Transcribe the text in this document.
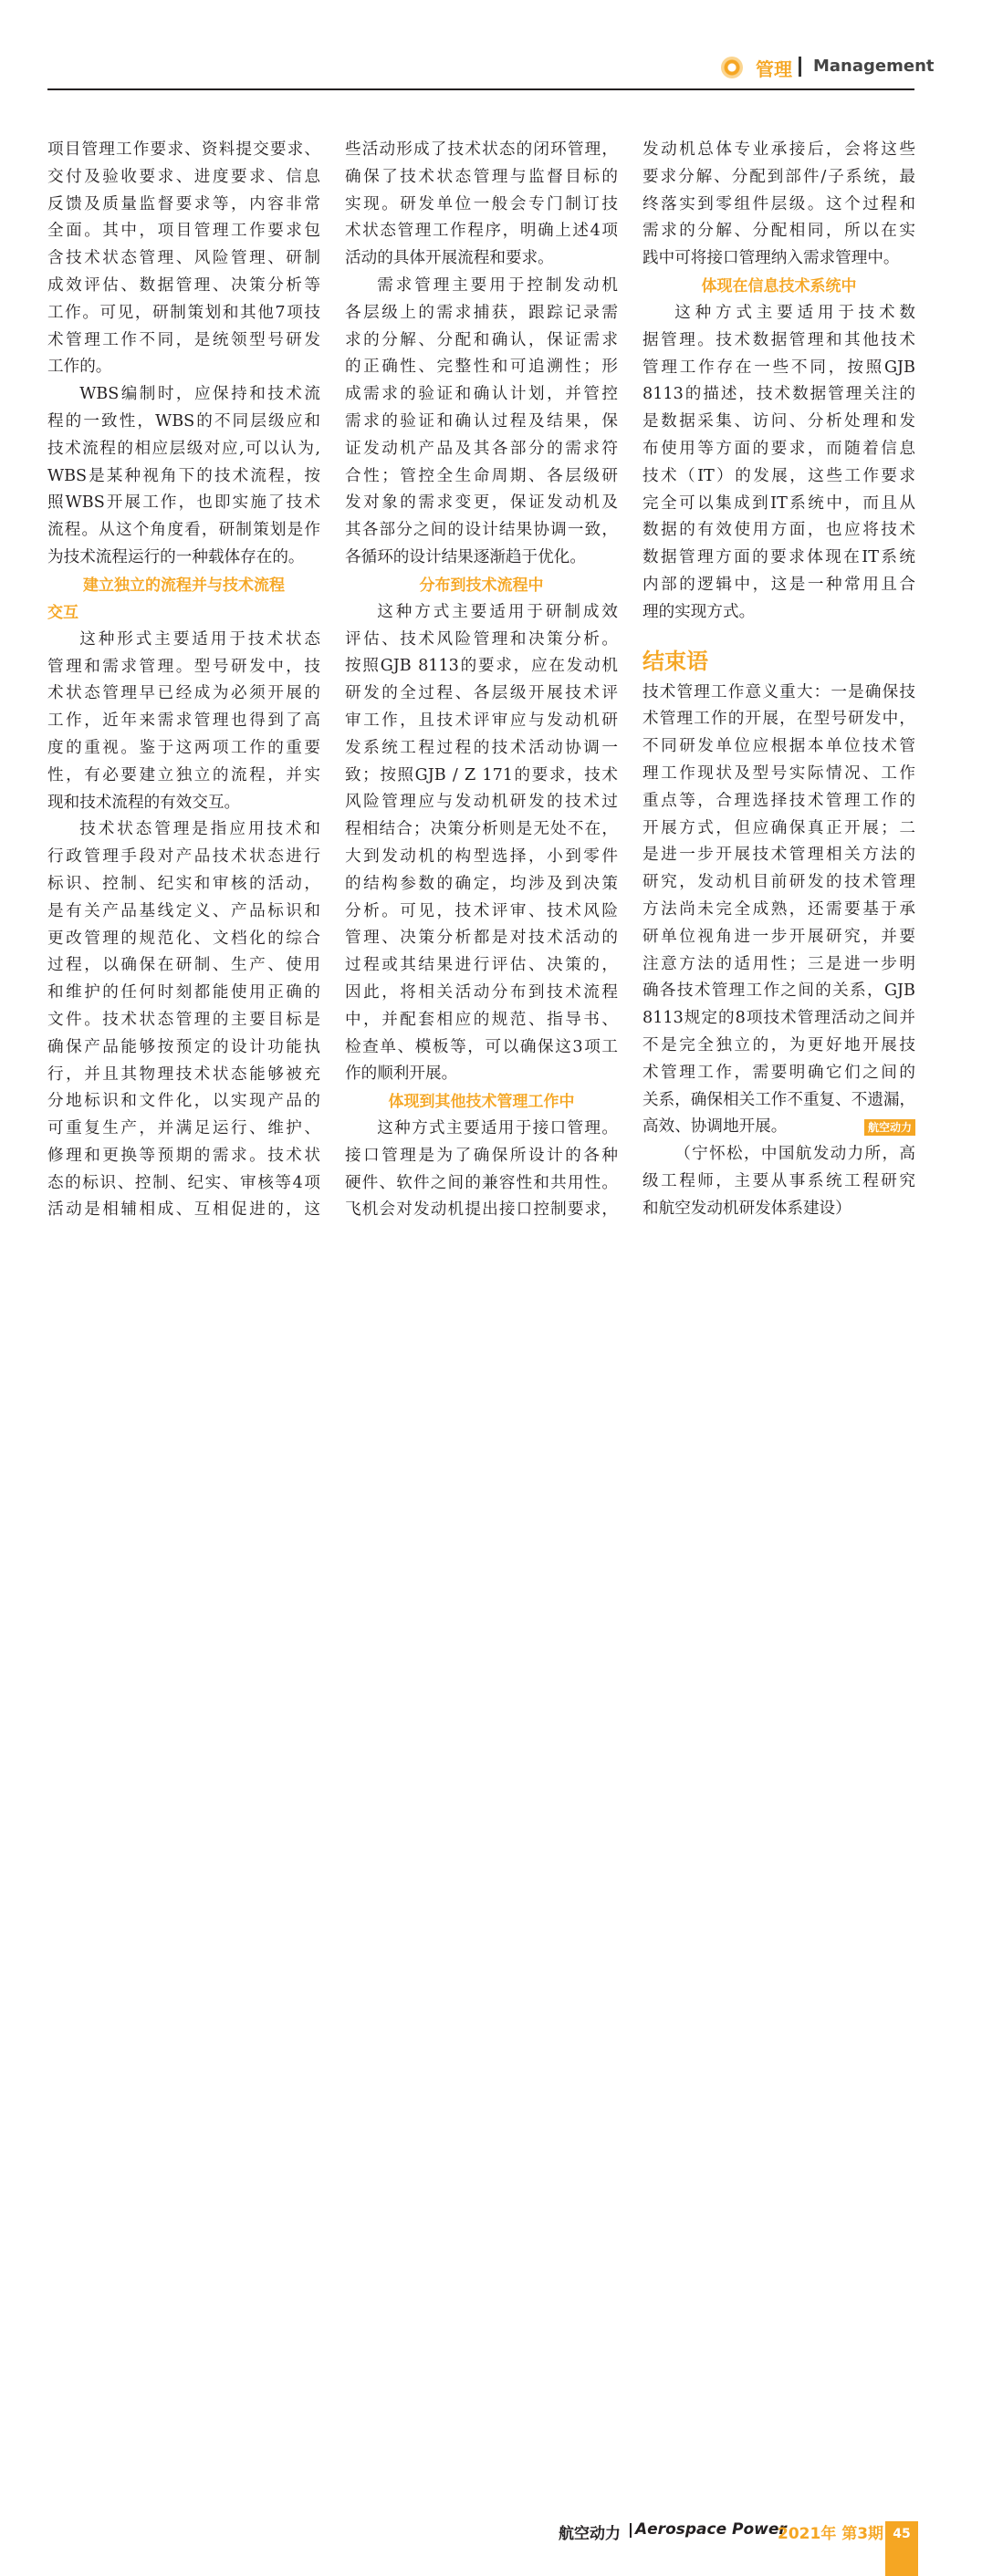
管理 Management
项目管理工作要求、资料提交要求、
交付及验收要求、进度要求、信息
反馈及质量监督要求等，内容非常
全面。其中，项目管理工作要求包
含技术状态管理、风险管理、研制
成效评估、数据管理、决策分析等
工作。可见，研制策划和其他7项技
术管理工作不同，是统领型号研发
工作的。
WBS编制时，应保持和技术流
程的一致性，WBS的不同层级应和
技术流程的相应层级对应,可以认为,
WBS是某种视角下的技术流程，按
照WBS开展工作，也即实施了技术
流程。从这个角度看，研制策划是作
为技术流程运行的一种载体存在的。
建立独立的流程并与技术流程
交互
这种形式主要适用于技术状态
管理和需求管理。型号研发中，技
术状态管理早已经成为必须开展的
工作，近年来需求管理也得到了高
度的重视。鉴于这两项工作的重要
性，有必要建立独立的流程，并实
现和技术流程的有效交互。
技术状态管理是指应用技术和
行政管理手段对产品技术状态进行
标识、控制、纪实和审核的活动，
是有关产品基线定义、产品标识和
更改管理的规范化、文档化的综合
过程，以确保在研制、生产、使用
和维护的任何时刻都能使用正确的
文件。技术状态管理的主要目标是
确保产品能够按预定的设计功能执
行，并且其物理技术状态能够被充
分地标识和文件化，以实现产品的
可重复生产，并满足运行、维护、
修理和更换等预期的需求。技术状
态的标识、控制、纪实、审核等4项
活动是相辅相成、互相促进的，这
些活动形成了技术状态的闭环管理，
确保了技术状态管理与监督目标的
实现。研发单位一般会专门制订技
术状态管理工作程序，明确上述4项
活动的具体开展流程和要求。
需求管理主要用于控制发动机
各层级上的需求捕获，跟踪记录需
求的分解、分配和确认，保证需求
的正确性、完整性和可追溯性；形
成需求的验证和确认计划，并管控
需求的验证和确认过程及结果，保
证发动机产品及其各部分的需求符
合性；管控全生命周期、各层级研
发对象的需求变更，保证发动机及
其各部分之间的设计结果协调一致，
各循环的设计结果逐渐趋于优化。
分布到技术流程中
这种方式主要适用于研制成效
评估、技术风险管理和决策分析。
按照GJB 8113的要求，应在发动机
研发的全过程、各层级开展技术评
审工作，且技术评审应与发动机研
发系统工程过程的技术活动协调一
致；按照GJB / Z 171的要求，技术
风险管理应与发动机研发的技术过
程相结合；决策分析则是无处不在，
大到发动机的构型选择，小到零件
的结构参数的确定，均涉及到决策
分析。可见，技术评审、技术风险
管理、决策分析都是对技术活动的
过程或其结果进行评估、决策的，
因此，将相关活动分布到技术流程
中，并配套相应的规范、指导书、
检查单、模板等，可以确保这3项工
作的顺利开展。
体现到其他技术管理工作中
这种方式主要适用于接口管理。
接口管理是为了确保所设计的各种
硬件、软件之间的兼容性和共用性。
飞机会对发动机提出接口控制要求，
发动机总体专业承接后，会将这些
要求分解、分配到部件/子系统，最
终落实到零组件层级。这个过程和
需求的分解、分配相同，所以在实
践中可将接口管理纳入需求管理中。
体现在信息技术系统中
这种方式主要适用于技术数
据管理。技术数据管理和其他技术
管理工作存在一些不同，按照GJB
8113的描述，技术数据管理关注的
是数据采集、访问、分析处理和发
布使用等方面的要求，而随着信息
技术（IT）的发展，这些工作要求
完全可以集成到IT系统中，而且从
数据的有效使用方面，也应将技术
数据管理方面的要求体现在IT系统
内部的逻辑中，这是一种常用且合
理的实现方式。
结束语
技术管理工作意义重大：一是确保技
术管理工作的开展，在型号研发中，
不同研发单位应根据本单位技术管
理工作现状及型号实际情况、工作
重点等，合理选择技术管理工作的
开展方式，但应确保真正开展；二
是进一步开展技术管理相关方法的
研究，发动机目前研发的技术管理
方法尚未完全成熟，还需要基于承
研单位视角进一步开展研究，并要
注意方法的适用性；三是进一步明
确各技术管理工作之间的关系，GJB
8113规定的8项技术管理活动之间并
不是完全独立的，为更好地开展技
术管理工作，需要明确它们之间的
关系，确保相关工作不重复、不遗漏，
高效、协调地开展。	航空动力
（宁怀松，中国航发动力所，高
级工程师，主要从事系统工程研究
和航空发动机研发体系建设）
航空动力 Aerospace Power
2021年 第3期 45
